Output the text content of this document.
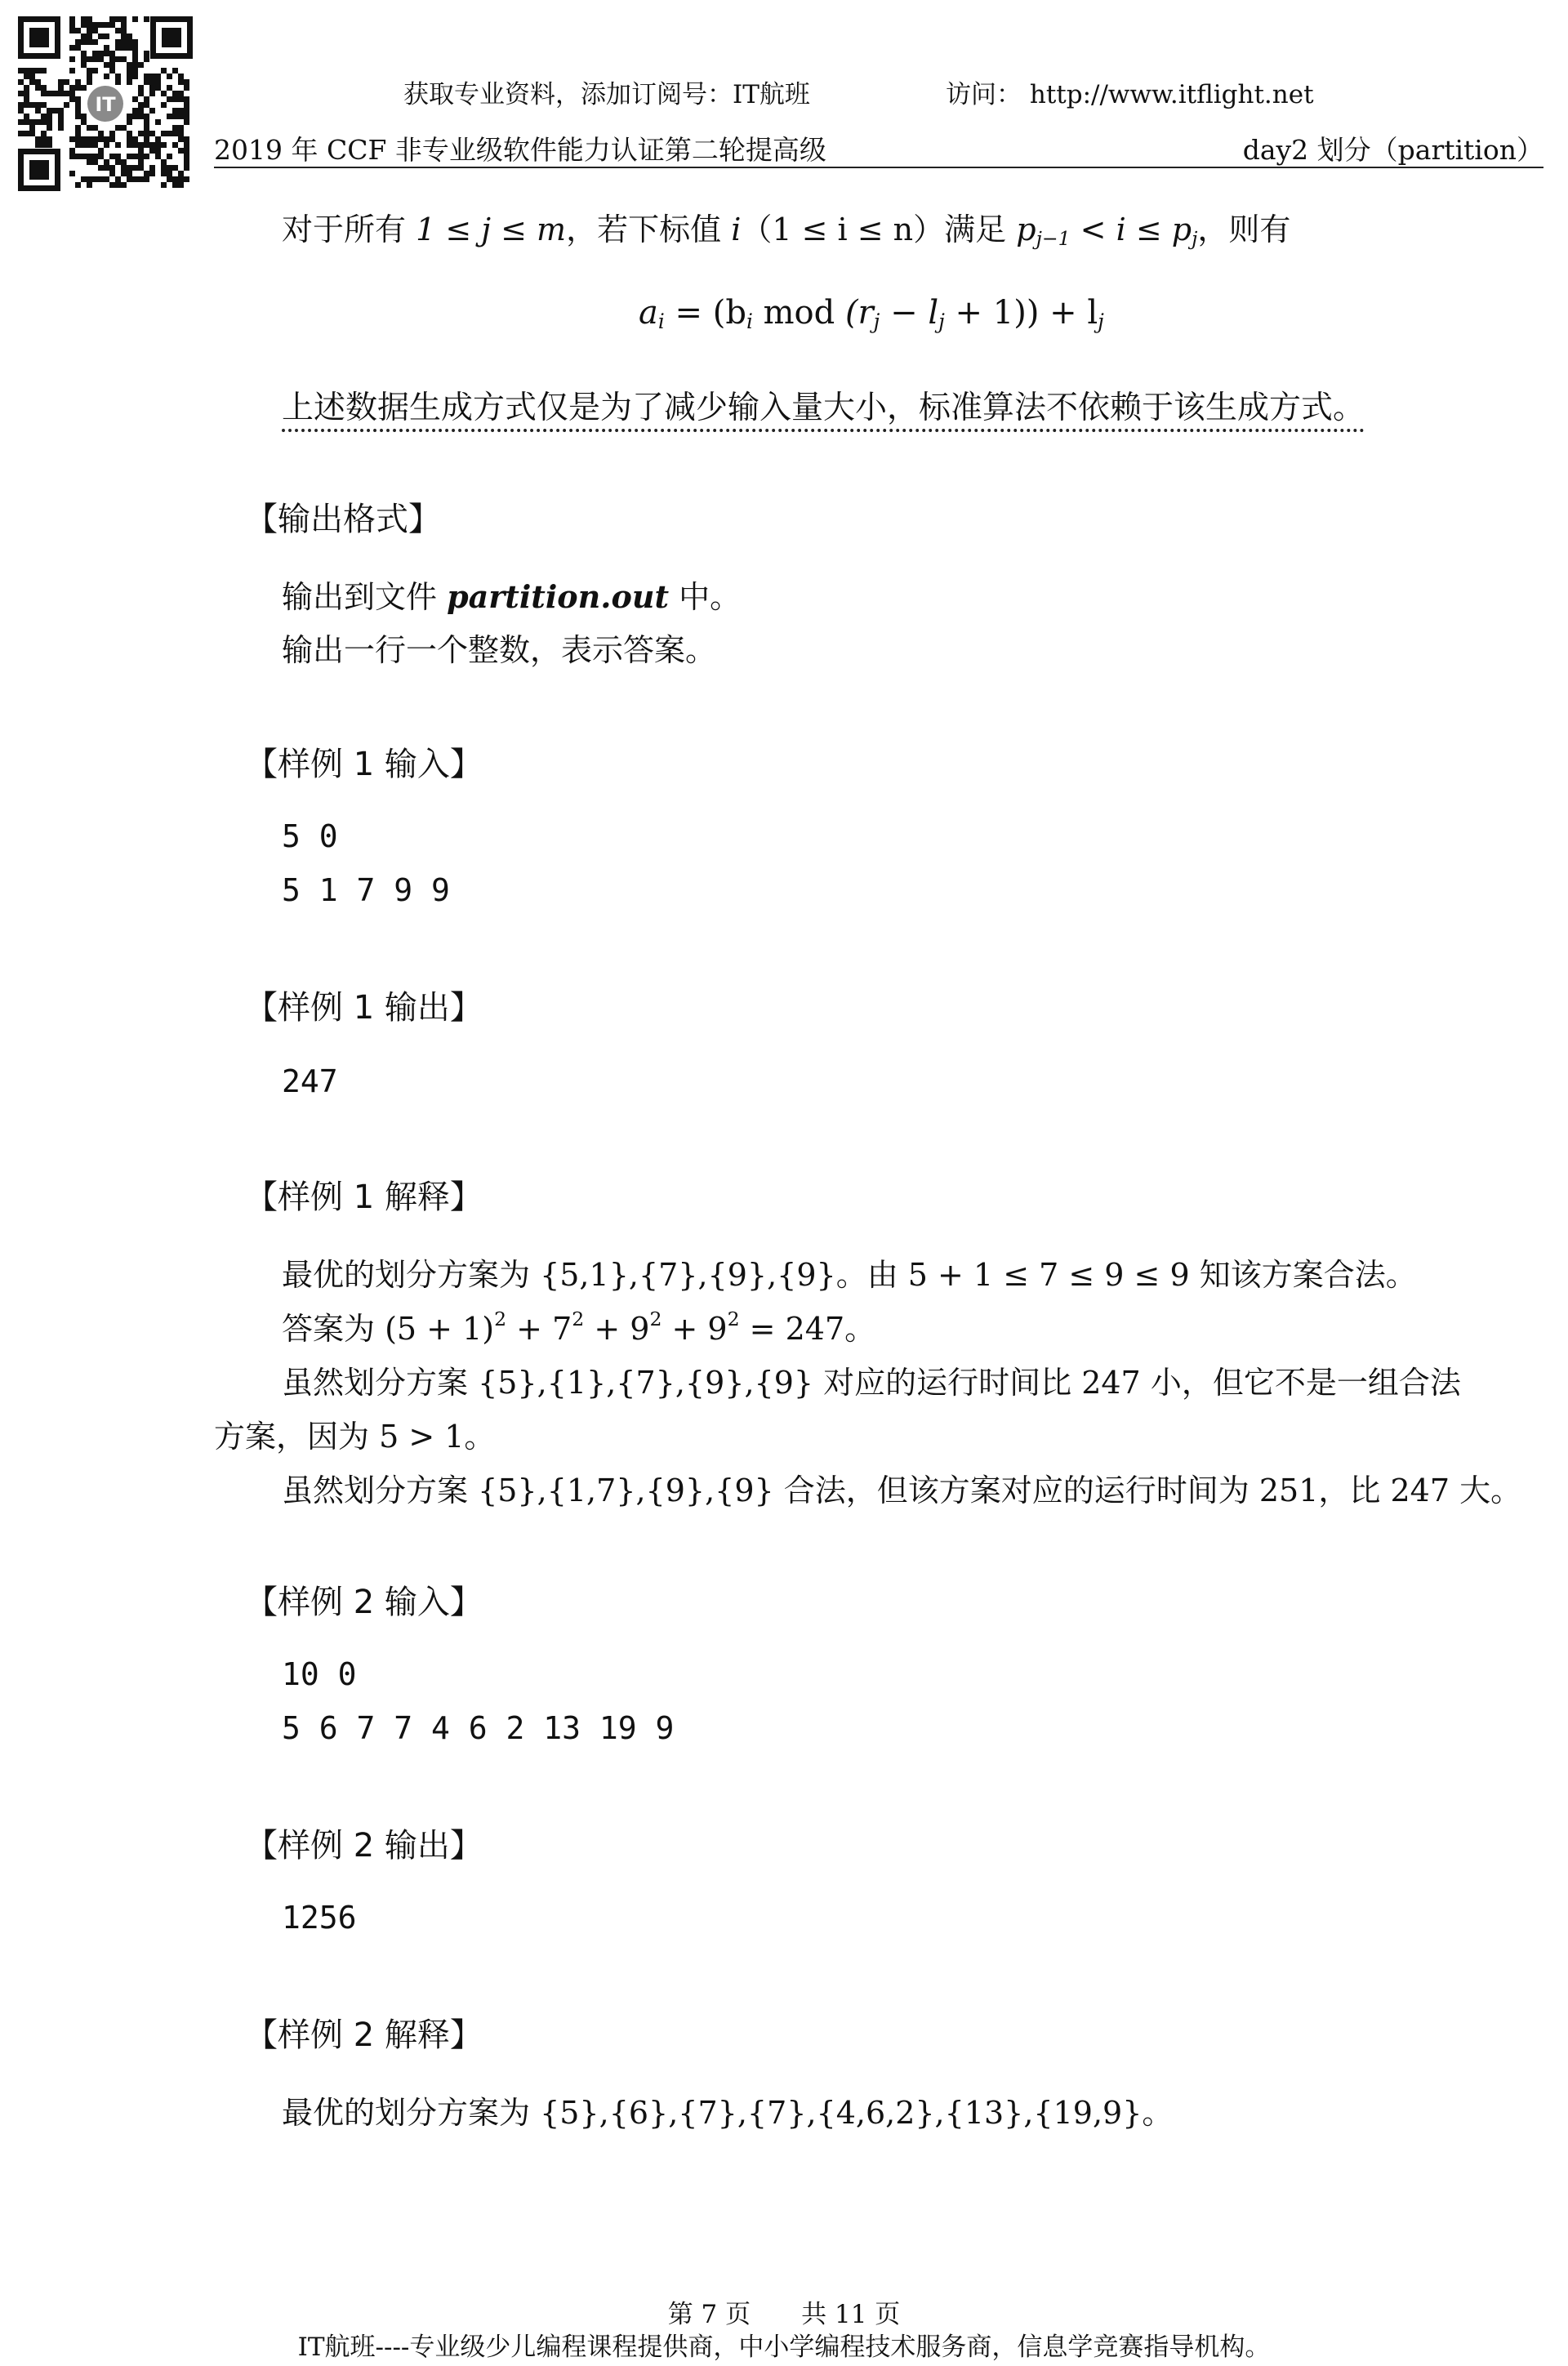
IT	获取专业资料，添加订阅号：IT航班	访问： http://www.itflight.net
2019 年 CCF 非专业级软件能力认证第二轮提高级	day2 划分（partition）
对于所有 1 ≤ j ≤ m，若下标值 i（1 ≤ i ≤ n）满足 $p_{j-1} < i \le p_j$，则有
$a_i = (b_i$ mod $(r_j - l_j + 1)) + l_j$
上述数据生成方式仅是为了减少输入量大小，标准算法不依赖于该生成方式。
【输出格式】
输出到文件 partition.out 中。
输出一行一个整数，表示答案。
【样例 1 输入】
5 0
5 1 7 9 9
【样例 1 输出】
247
【样例 1 解释】
最优的划分方案为 {5,1},{7},{9},{9}。由 5 + 1 ≤ 7 ≤ 9 ≤ 9 知该方案合法。
答案为 $(5 + 1)^2 + 7^2 + 9^2 + 9^2 = 247$。
虽然划分方案 {5},{1},{7},{9},{9} 对应的运行时间比 247 小，但它不是一组合法
方案，因为 5 > 1。
虽然划分方案 {5},{1,7},{9},{9} 合法，但该方案对应的运行时间为 251，比 247 大。
【样例 2 输入】
10 0
5 6 7 7 4 6 2 13 19 9
【样例 2 输出】
1256
【样例 2 解释】
最优的划分方案为 {5},{6},{7},{7},{4,6,2},{13},{19,9}。
第 7 页　　共 11 页
IT航班----专业级少儿编程课程提供商，中小学编程技术服务商，信息学竞赛指导机构。
